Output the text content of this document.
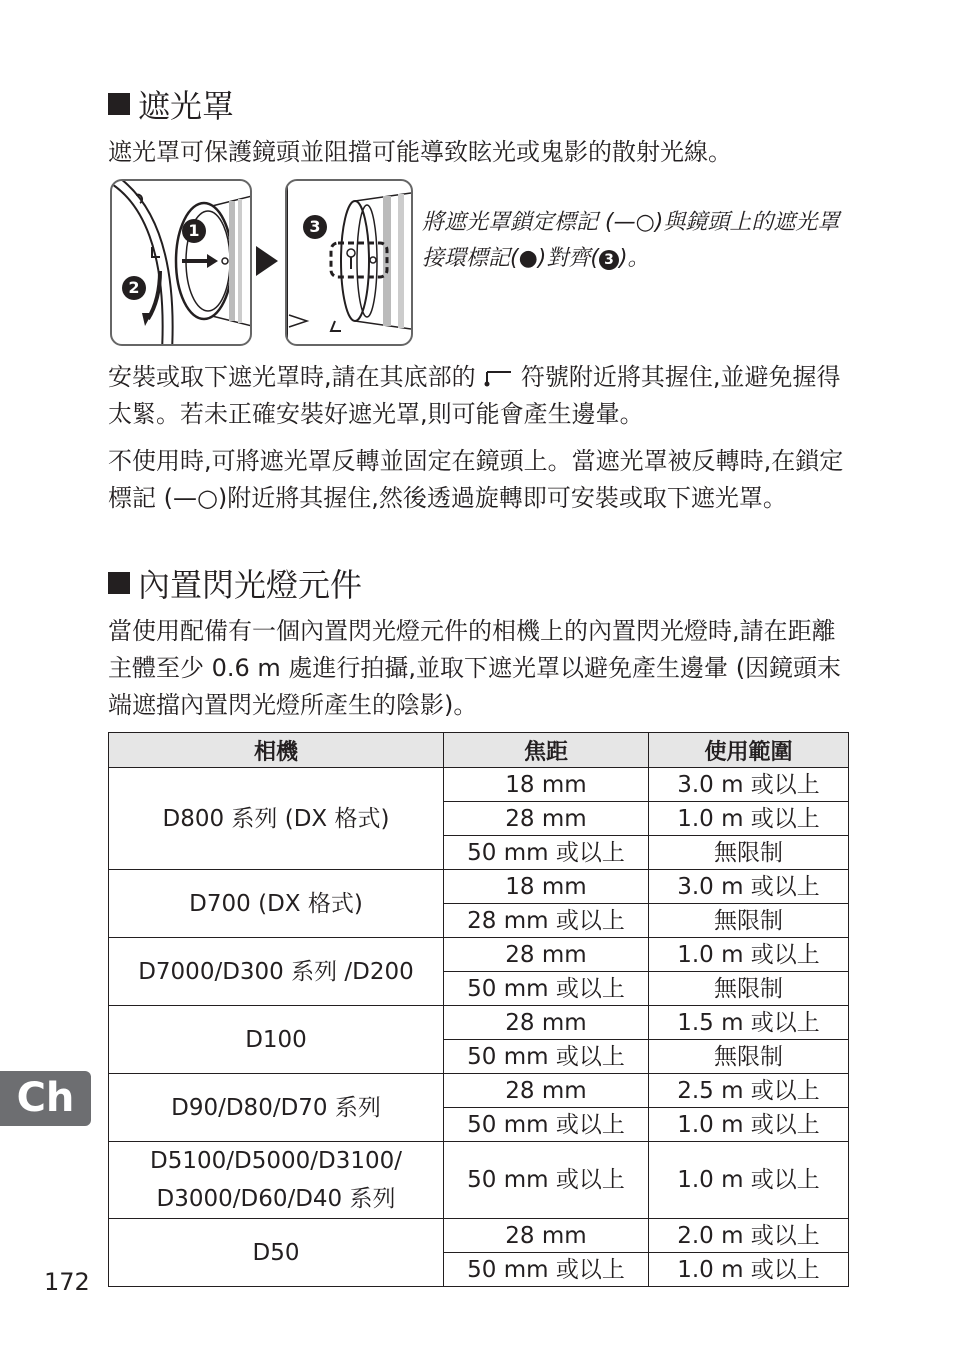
遮光罩

遮光罩可保護鏡頭並阻擋可能導致眩光或鬼影的散射光線。

1
2
3	將遮光罩鎖定標記 (—○)與鏡頭上的遮光罩接環標記(●)對齊( 3 )。

安裝或取下遮光罩時,請在其底部的  符號附近將其握住,並避免握得太緊。若未正確安裝好遮光罩,則可能會產生邊暈。

不使用時,可將遮光罩反轉並固定在鏡頭上。當遮光罩被反轉時,在鎖定標記 (—○)附近將其握住,然後透過旋轉即可安裝或取下遮光罩。

內置閃光燈元件

當使用配備有一個內置閃光燈元件的相機上的內置閃光燈時,請在距離主體至少 0.6 m 處進行拍攝,並取下遮光罩以避免產生邊暈 (因鏡頭末端遮擋內置閃光燈所產生的陰影)。

相機	焦距	使用範圍
D800 系列 (DX 格式)	18 mm	3.0 m 或以上
	28 mm	1.0 m 或以上
	50 mm 或以上	無限制
D700 (DX 格式)	18 mm	3.0 m 或以上
	28 mm 或以上	無限制
D7000/D300 系列 /D200	28 mm	1.0 m 或以上
	50 mm 或以上	無限制
D100	28 mm	1.5 m 或以上
	50 mm 或以上	無限制
D90/D80/D70 系列	28 mm	2.5 m 或以上
	50 mm 或以上	1.0 m 或以上
D5100/D5000/D3100/
D3000/D60/D40 系列	50 mm 或以上	1.0 m 或以上
D50	28 mm	2.0 m 或以上
	50 mm 或以上	1.0 m 或以上
Ch
172
